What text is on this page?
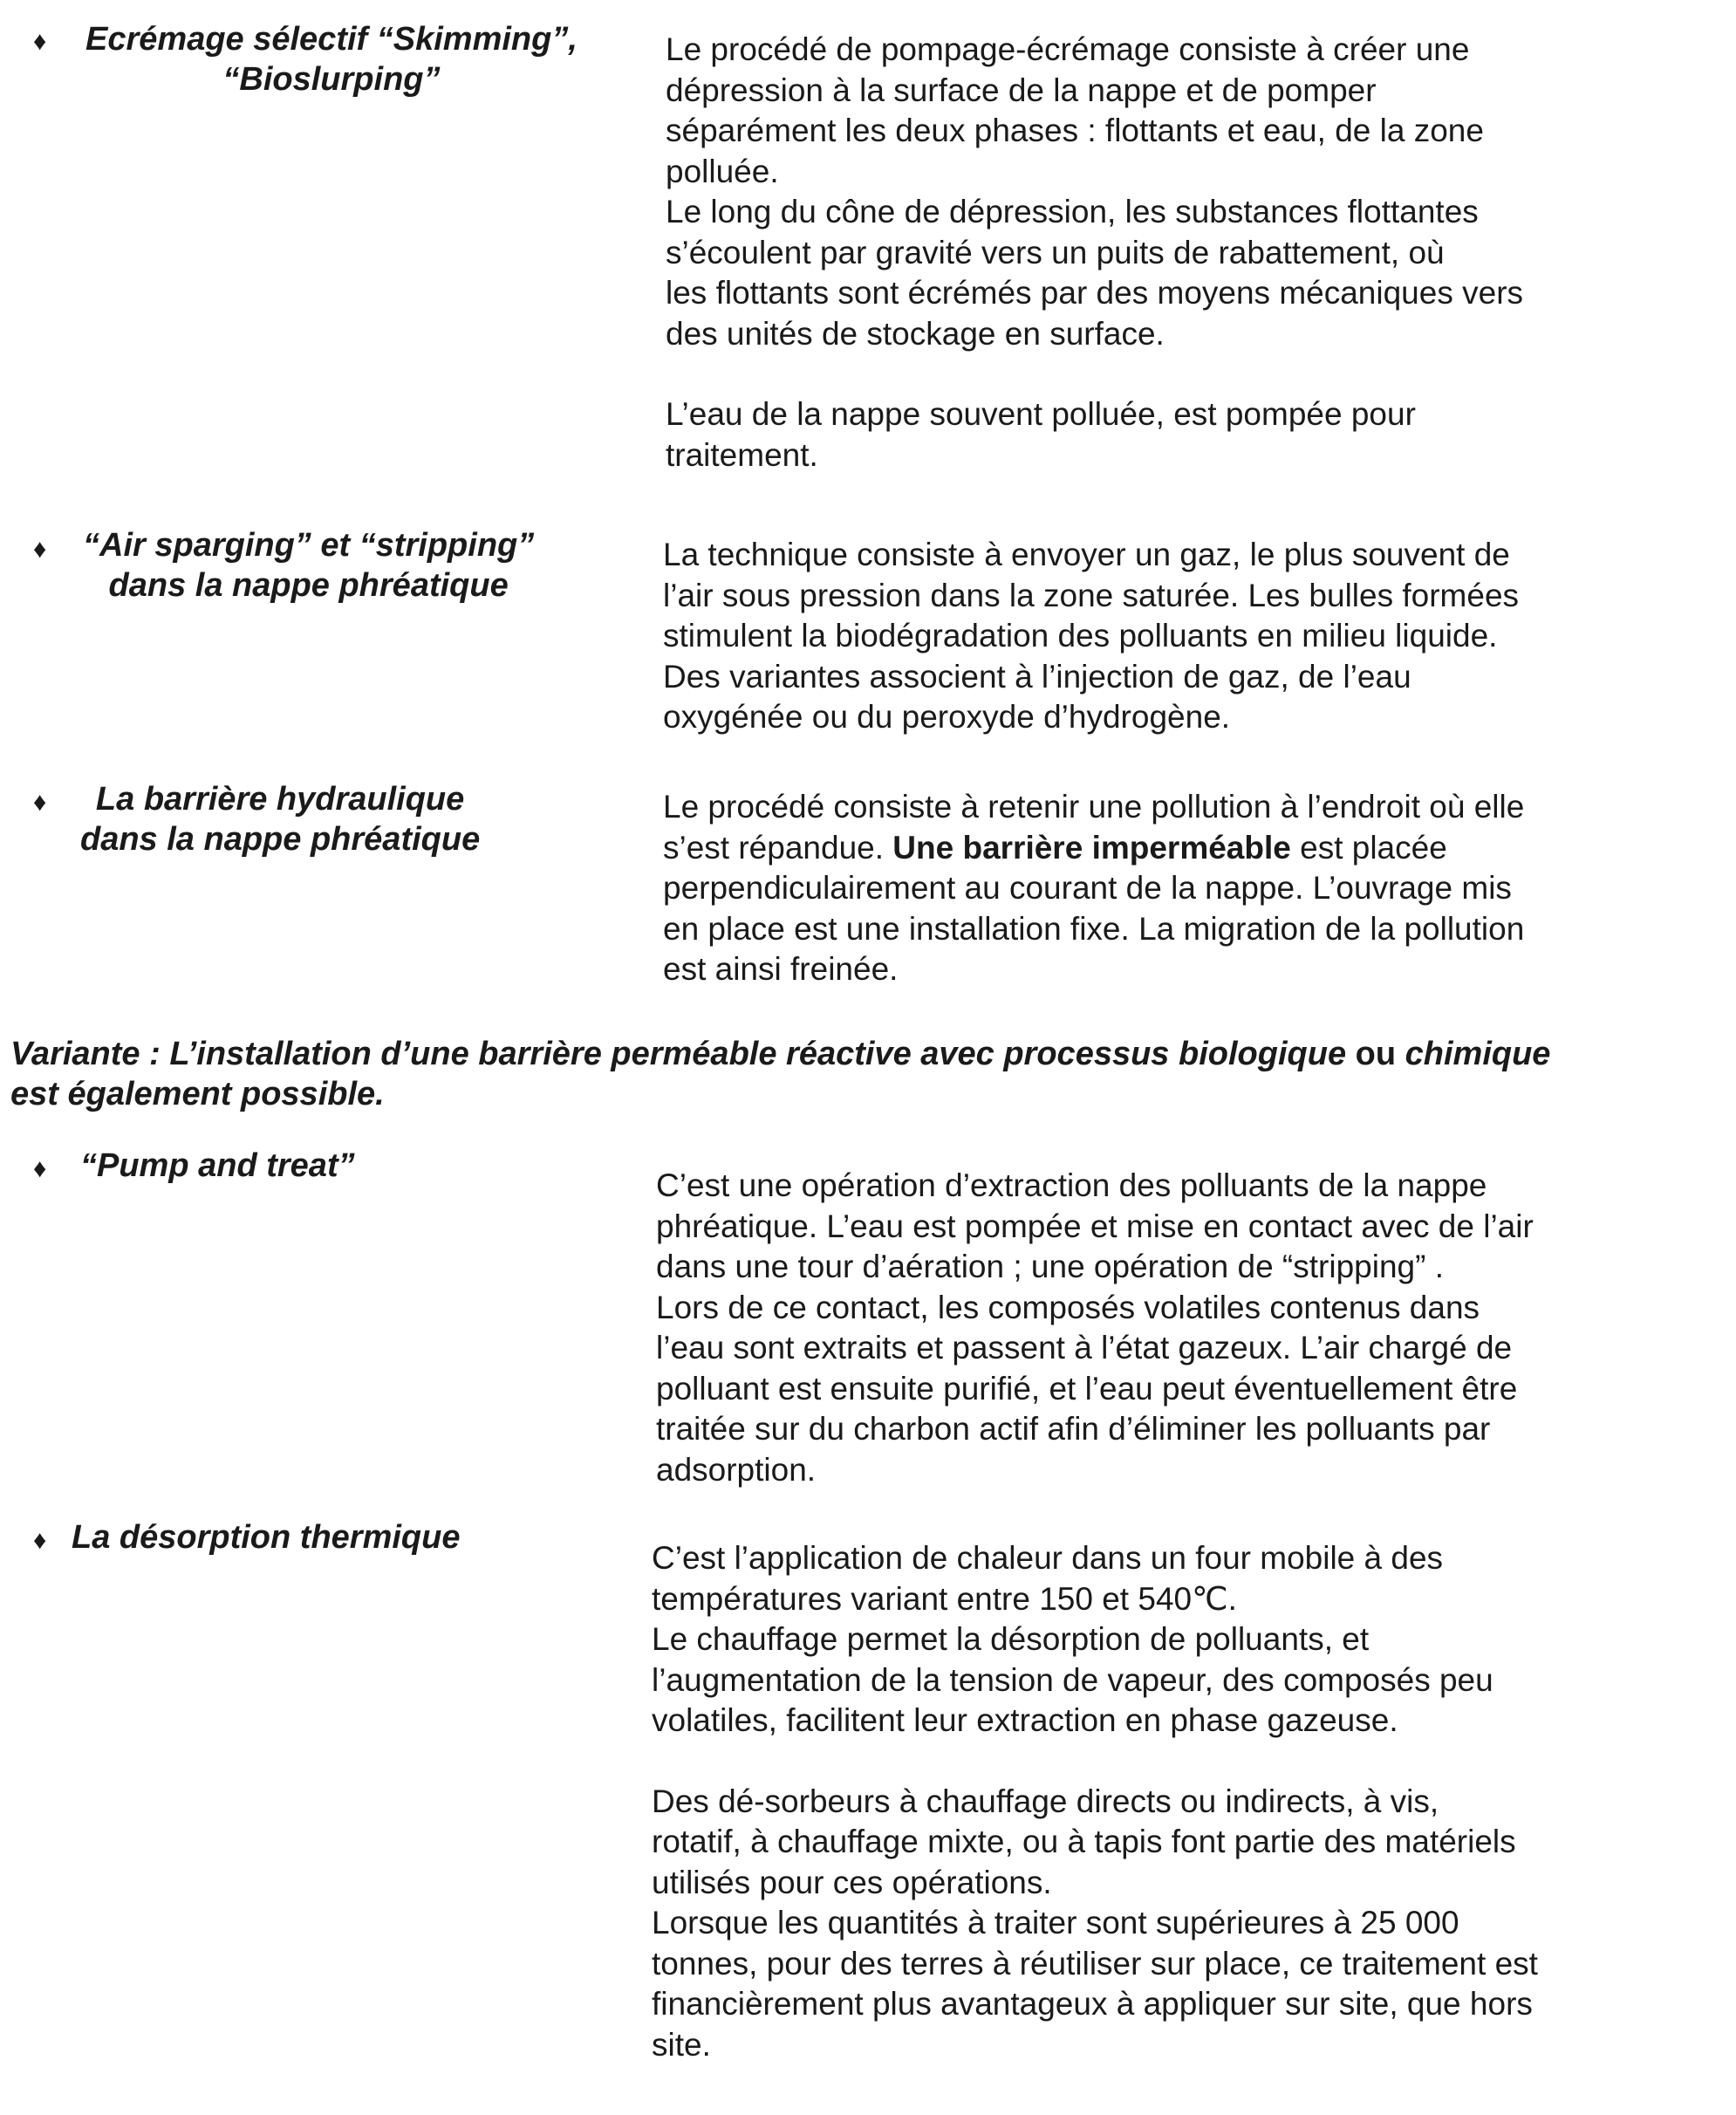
♦ Ecrémage sélectif “Skimming”,
“Bioslurping”

Le procédé de pompage-écrémage consiste à créer une
dépression à la surface de la nappe et de pomper
séparément les deux phases : flottants et eau, de la zone
polluée.
Le long du cône de dépression, les substances flottantes
s’écoulent par gravité vers un puits de rabattement, où
les flottants sont écrémés par des moyens mécaniques vers
des unités de stockage en surface.

L’eau de la nappe souvent polluée, est pompée pour
traitement.

♦ “Air sparging” et “stripping”
dans la nappe phréatique

La technique consiste à envoyer un gaz, le plus souvent de
l’air sous pression dans la zone saturée. Les bulles formées
stimulent la biodégradation des polluants en milieu liquide.
Des variantes associent à l’injection de gaz, de l’eau
oxygénée ou du peroxyde d’hydrogène.

♦	La barrière hydraulique
dans la nappe phréatique

Le procédé consiste à retenir une pollution à l’endroit où elle
s’est répandue. Une barrière imperméable est placée
perpendiculairement au courant de la nappe. L’ouvrage mis
en place est une installation fixe. La migration de la pollution
est ainsi freinée.

Variante : L’installation d’une barrière perméable réactive avec processus biologique ou chimique
est également possible.
♦ “Pump and treat”

C’est une opération d’extraction des polluants de la nappe
phréatique. L’eau est pompée et mise en contact avec de l’air
dans une tour d’aération ; une opération de “stripping” .
Lors de ce contact, les composés volatiles contenus dans
l’eau sont extraits et passent à l’état gazeux. L’air chargé de
polluant est ensuite purifié, et l’eau peut éventuellement être
traitée sur du charbon actif afin d’éliminer les polluants par
adsorption.

♦ La désorption thermique

C’est l’application de chaleur dans un four mobile à des
températures variant entre 150 et 540℃.
Le chauffage permet la désorption de polluants, et
l’augmentation de la tension de vapeur, des composés peu
volatiles, facilitent leur extraction en phase gazeuse.

Des dé-sorbeurs à chauffage directs ou indirects, à vis,
rotatif, à chauffage mixte, ou à tapis font partie des matériels
utilisés pour ces opérations.
Lorsque les quantités à traiter sont supérieures à 25 000
tonnes, pour des terres à réutiliser sur place, ce traitement est
financièrement plus avantageux à appliquer sur site, que hors
site.
